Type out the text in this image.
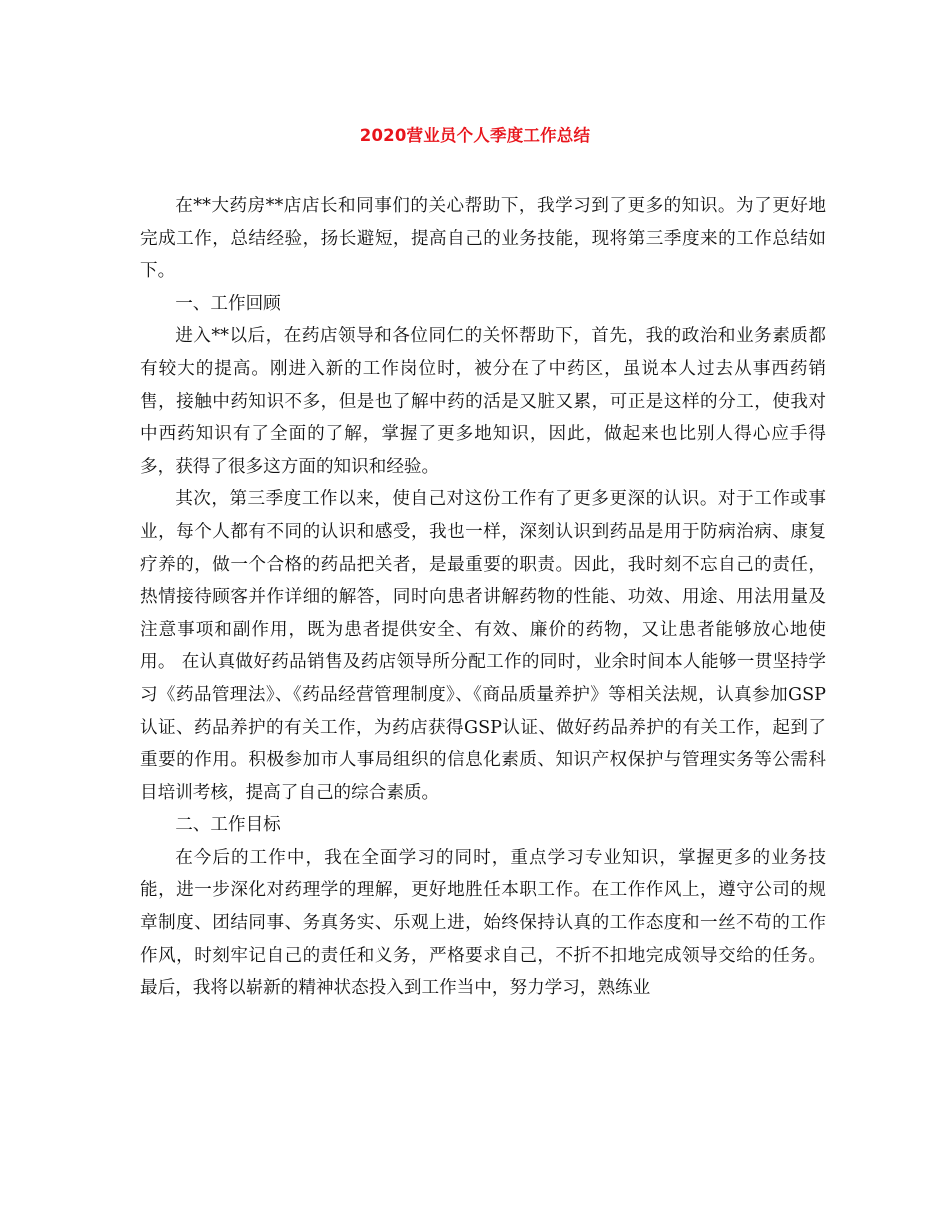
2020营业员个人季度工作总结

在**大药房**店店长和同事们的关心帮助下，我学习到了更多的知识。为了更好地完成工作，总结经验，扬长避短，提高自己的业务技能，现将第三季度来的工作总结如下。

一、工作回顾

进入**以后，在药店领导和各位同仁的关怀帮助下，首先，我的政治和业务素质都有较大的提高。刚进入新的工作岗位时，被分在了中药区，虽说本人过去从事西药销售，接触中药知识不多，但是也了解中药的活是又脏又累，可正是这样的分工，使我对中西药知识有了全面的了解，掌握了更多地知识，因此，做起来也比别人得心应手得多，获得了很多这方面的知识和经验。

其次，第三季度工作以来，使自己对这份工作有了更多更深的认识。对于工作或事业，每个人都有不同的认识和感受，我也一样，深刻认识到药品是用于防病治病、康复疗养的，做一个合格的药品把关者，是最重要的职责。因此，我时刻不忘自己的责任，热情接待顾客并作详细的解答，同时向患者讲解药物的性能、功效、用途、用法用量及注意事项和副作用，既为患者提供安全、有效、廉价的药物，又让患者能够放心地使用。 在认真做好药品销售及药店领导所分配工作的同时，业余时间本人能够一贯坚持学习《药品管理法》、《药品经营管理制度》、《商品质量养护》等相关法规，认真参加GSP认证、药品养护的有关工作，为药店获得GSP认证、做好药品养护的有关工作，起到了重要的作用。积极参加市人事局组织的信息化素质、知识产权保护与管理实务等公需科目培训考核，提高了自己的综合素质。

二、工作目标

在今后的工作中，我在全面学习的同时，重点学习专业知识，掌握更多的业务技能，进一步深化对药理学的理解，更好地胜任本职工作。在工作作风上，遵守公司的规章制度、团结同事、务真务实、乐观上进，始终保持认真的工作态度和一丝不苟的工作作风，时刻牢记自己的责任和义务，严格要求自己，不折不扣地完成领导交给的任务。最后，我将以崭新的精神状态投入到工作当中，努力学习，熟练业
